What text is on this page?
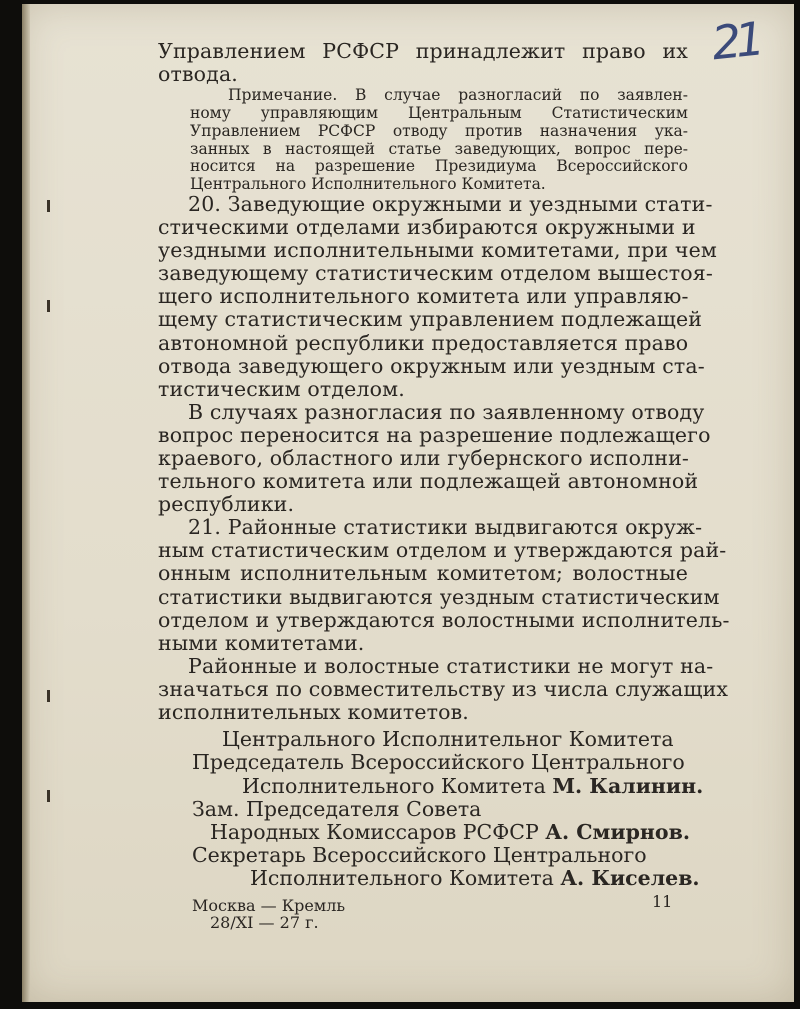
21
Управлением РСФСР принадлежит право их
отвода.
Примечание. В случае разногласий по заявлен-
ному управляющим Центральным Статистическим
Управлением РСФСР отводу против назначения ука-
занных в настоящей статье заведующих, вопрос пере-
носится на разрешение Президиума Всероссийского
Центрального Исполнительного Комитета.
20. Заведующие окружными и уездными стати-
стическими отделами избираются окружными и
уездными исполнительными комитетами, при чем
заведующему статистическим отделом вышестоя-
щего исполнительного комитета или управляю-
щему статистическим управлением подлежащей
автономной республики предоставляется право
отвода заведующего окружным или уездным ста-
тистическим отделом.
В случаях разногласия по заявленному отводу
вопрос переносится на разрешение подлежащего
краевого, областного или губернского исполни-
тельного комитета или подлежащей автономной
республики.
21. Районные статистики выдвигаются окруж-
ным статистическим отделом и утверждаются рай-
онным исполнительным комитетом; волостные
статистики выдвигаются уездным статистическим
отделом и утверждаются волостными исполнитель-
ными комитетами.
Районные и волостные статистики не могут на-
значаться по совместительству из числа служащих
исполнительных комитетов.
Центрального Исполнительног Комитета
Председатель Всероссийского Центрального
Исполнительного Комитета М. Калинин.
Зам. Председателя Совета
Народных Комиссаров РСФСР А. Смирнов.
Секретарь Всероссийского Центрального
Исполнительного Комитета А. Киселев.
Москва — Кремль
28/XI — 27 г.
11
